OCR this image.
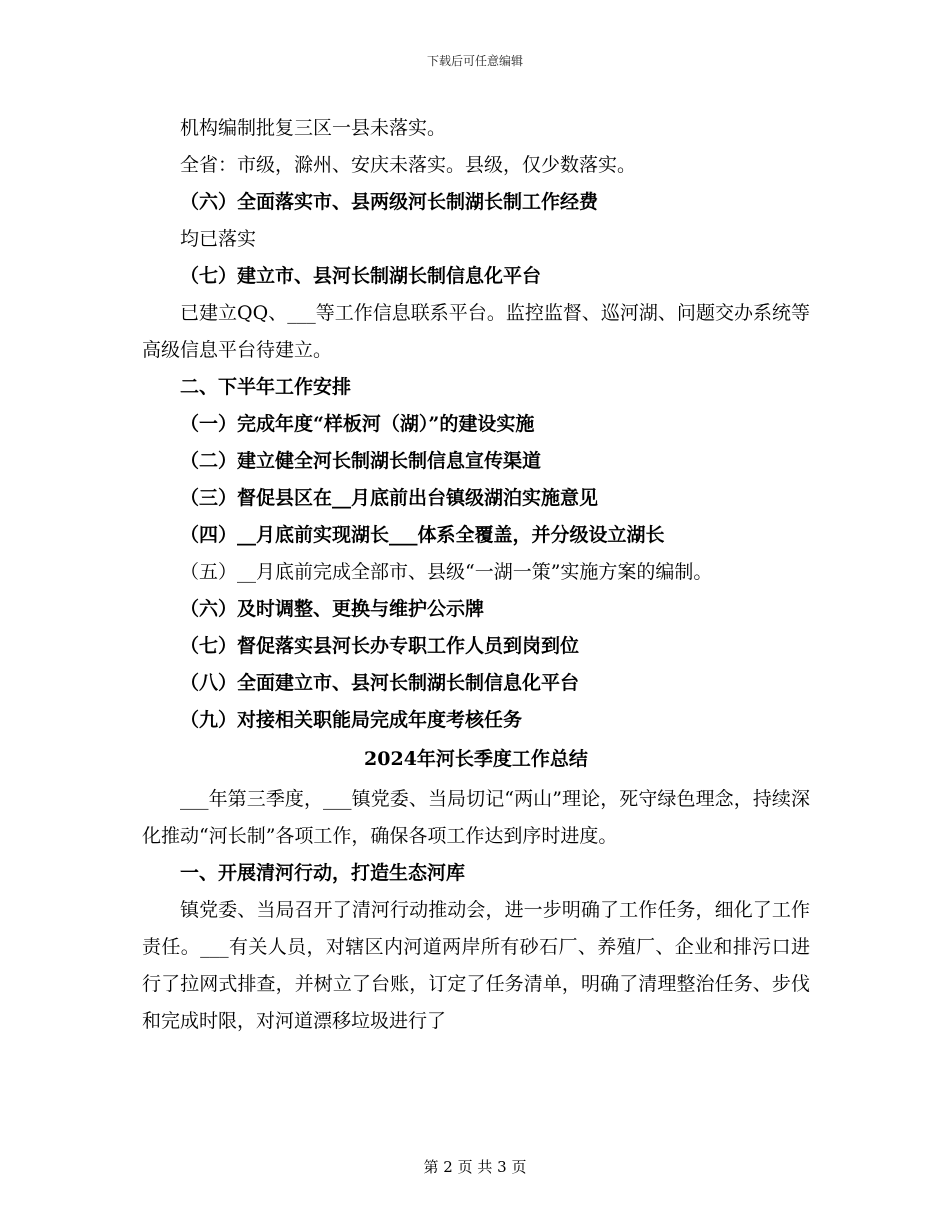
下载后可任意编辑

机构编制批复三区一县未落实。

全省：市级，滁州、安庆未落实。县级，仅少数落实。

（六）全面落实市、县两级河长制湖长制工作经费

均已落实

（七）建立市、县河长制湖长制信息化平台

已建立QQ、___等工作信息联系平台。监控监督、巡河湖、问题交办系统等高级信息平台待建立。

二、下半年工作安排

（一）完成年度“样板河（湖）”的建设实施

（二）建立健全河长制湖长制信息宣传渠道

（三）督促县区在__月底前出台镇级湖泊实施意见

（四）__月底前实现湖长___体系全覆盖，并分级设立湖长

（五）__月底前完成全部市、县级“一湖一策”实施方案的编制。

（六）及时调整、更换与维护公示牌

（七）督促落实县河长办专职工作人员到岗到位

（八）全面建立市、县河长制湖长制信息化平台

（九）对接相关职能局完成年度考核任务

2024年河长季度工作总结

___年第三季度，___镇党委、当局切记“两山”理论，死守绿色理念，持续深化推动“河长制”各项工作，确保各项工作达到序时进度。

一、开展清河行动，打造生态河库

镇党委、当局召开了清河行动推动会，进一步明确了工作任务，细化了工作责任。___有关人员，对辖区内河道两岸所有砂石厂、养殖厂、企业和排污口进行了拉网式排查，并树立了台账，订定了任务清单，明确了清理整治任务、步伐和完成时限，对河道漂移垃圾进行了

第 2 页 共 3 页
